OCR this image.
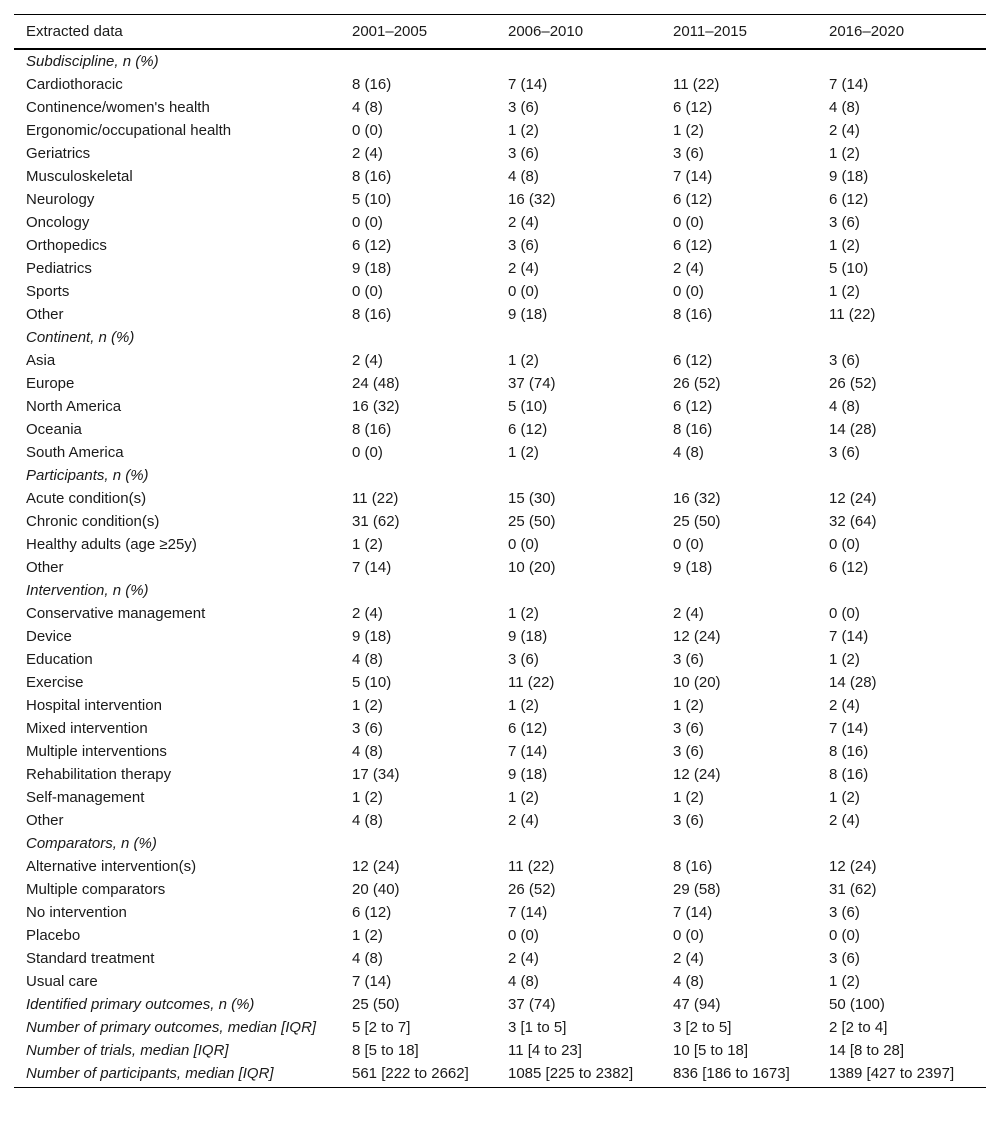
Extracted data	2001–2005	2006–2010	2011–2015	2016–2020
Subdiscipline, n (%)				
Cardiothoracic	8 (16)	7 (14)	11 (22)	7 (14)
Continence/women's health	4 (8)	3 (6)	6 (12)	4 (8)
Ergonomic/occupational health	0 (0)	1 (2)	1 (2)	2 (4)
Geriatrics	2 (4)	3 (6)	3 (6)	1 (2)
Musculoskeletal	8 (16)	4 (8)	7 (14)	9 (18)
Neurology	5 (10)	16 (32)	6 (12)	6 (12)
Oncology	0 (0)	2 (4)	0 (0)	3 (6)
Orthopedics	6 (12)	3 (6)	6 (12)	1 (2)
Pediatrics	9 (18)	2 (4)	2 (4)	5 (10)
Sports	0 (0)	0 (0)	0 (0)	1 (2)
Other	8 (16)	9 (18)	8 (16)	11 (22)
Continent, n (%)				
Asia	2 (4)	1 (2)	6 (12)	3 (6)
Europe	24 (48)	37 (74)	26 (52)	26 (52)
North America	16 (32)	5 (10)	6 (12)	4 (8)
Oceania	8 (16)	6 (12)	8 (16)	14 (28)
South America	0 (0)	1 (2)	4 (8)	3 (6)
Participants, n (%)				
Acute condition(s)	11 (22)	15 (30)	16 (32)	12 (24)
Chronic condition(s)	31 (62)	25 (50)	25 (50)	32 (64)
Healthy adults (age ≥25y)	1 (2)	0 (0)	0 (0)	0 (0)
Other	7 (14)	10 (20)	9 (18)	6 (12)
Intervention, n (%)				
Conservative management	2 (4)	1 (2)	2 (4)	0 (0)
Device	9 (18)	9 (18)	12 (24)	7 (14)
Education	4 (8)	3 (6)	3 (6)	1 (2)
Exercise	5 (10)	11 (22)	10 (20)	14 (28)
Hospital intervention	1 (2)	1 (2)	1 (2)	2 (4)
Mixed intervention	3 (6)	6 (12)	3 (6)	7 (14)
Multiple interventions	4 (8)	7 (14)	3 (6)	8 (16)
Rehabilitation therapy	17 (34)	9 (18)	12 (24)	8 (16)
Self-management	1 (2)	1 (2)	1 (2)	1 (2)
Other	4 (8)	2 (4)	3 (6)	2 (4)
Comparators, n (%)				
Alternative intervention(s)	12 (24)	11 (22)	8 (16)	12 (24)
Multiple comparators	20 (40)	26 (52)	29 (58)	31 (62)
No intervention	6 (12)	7 (14)	7 (14)	3 (6)
Placebo	1 (2)	0 (0)	0 (0)	0 (0)
Standard treatment	4 (8)	2 (4)	2 (4)	3 (6)
Usual care	7 (14)	4 (8)	4 (8)	1 (2)
Identified primary outcomes, n (%)	25 (50)	37 (74)	47 (94)	50 (100)
Number of primary outcomes, median [IQR]	5 [2 to 7]	3 [1 to 5]	3 [2 to 5]	2 [2 to 4]
Number of trials, median [IQR]	8 [5 to 18]	11 [4 to 23]	10 [5 to 18]	14 [8 to 28]
Number of participants, median [IQR]	561 [222 to 2662]	1085 [225 to 2382]	836 [186 to 1673]	1389 [427 to 2397]
